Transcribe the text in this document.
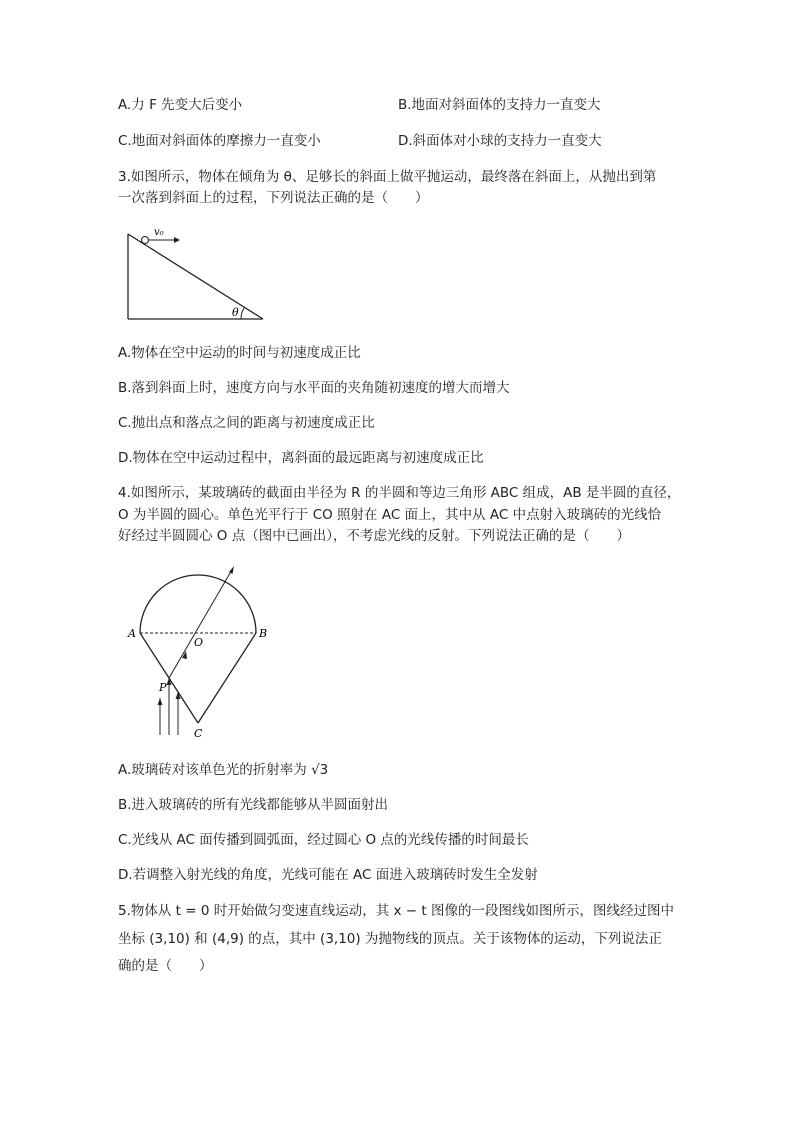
A.力 F 先变大后变小	B.地面对斜面体的支持力一直变大
C.地面对斜面体的摩擦力一直变小	D.斜面体对小球的支持力一直变大
3.如图所示，物体在倾角为 θ、足够长的斜面上做平抛运动，最终落在斜面上，从抛出到第
一次落到斜面上的过程，下列说法正确的是（　　）
v₀
θ
A.物体在空中运动的时间与初速度成正比
B.落到斜面上时，速度方向与水平面的夹角随初速度的增大而增大
C.抛出点和落点之间的距离与初速度成正比
D.物体在空中运动过程中，离斜面的最远距离与初速度成正比
4.如图所示，某玻璃砖的截面由半径为 R 的半圆和等边三角形 ABC 组成，AB 是半圆的直径，
O 为半圆的圆心。单色光平行于 CO 照射在 AC 面上，其中从 AC 中点射入玻璃砖的光线恰
好经过半圆圆心 O 点（图中已画出），不考虑光线的反射。下列说法正确的是（　　）
A	B
O
P
C
A.玻璃砖对该单色光的折射率为 √3
B.进入玻璃砖的所有光线都能够从半圆面射出
C.光线从 AC 面传播到圆弧面，经过圆心 O 点的光线传播的时间最长
D.若调整入射光线的角度，光线可能在 AC 面进入玻璃砖时发生全发射
5.物体从 t = 0 时开始做匀变速直线运动，其 x − t 图像的一段图线如图所示，图线经过图中
坐标 (3,10) 和 (4,9) 的点，其中 (3,10) 为抛物线的顶点。关于该物体的运动，下列说法正
确的是（　　）
